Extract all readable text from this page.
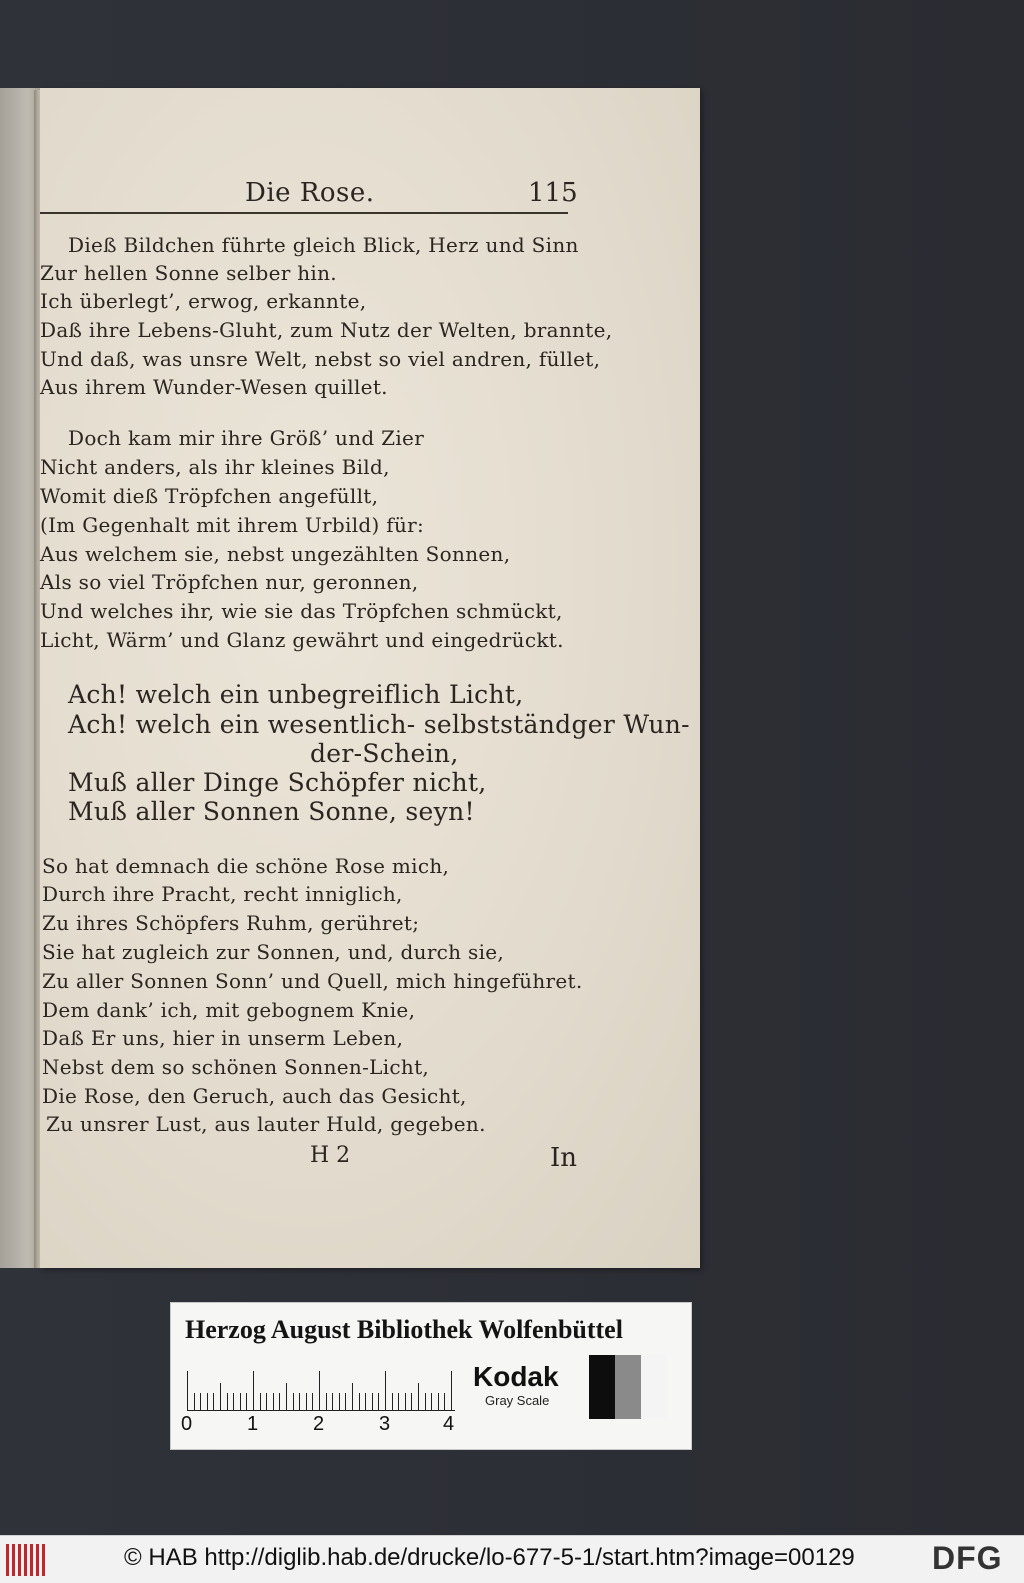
Die Rose.	115
Dieß Bildchen führte gleich Blick, Herz und Sinn
Zur hellen Sonne selber hin.
Ich überlegt’, erwog, erkannte,
Daß ihre Lebens-Gluht, zum Nutz der Welten, brannte,
Und daß, was unsre Welt, nebst so viel andren, füllet,
Aus ihrem Wunder-Wesen quillet.
Doch kam mir ihre Größ’ und Zier
Nicht anders, als ihr kleines Bild,
Womit dieß Tröpfchen angefüllt,
(Im Gegenhalt mit ihrem Urbild) für:
Aus welchem sie, nebst ungezählten Sonnen,
Als so viel Tröpfchen nur, geronnen,
Und welches ihr, wie sie das Tröpfchen schmückt,
Licht, Wärm’ und Glanz gewährt und eingedrückt.
Ach! welch ein unbegreiflich Licht,
Ach! welch ein wesentlich- selbstständger Wun-
der-Schein,
Muß aller Dinge Schöpfer nicht,
Muß aller Sonnen Sonne, seyn!
So hat demnach die schöne Rose mich,
Durch ihre Pracht, recht inniglich,
Zu ihres Schöpfers Ruhm, gerühret;
Sie hat zugleich zur Sonnen, und, durch sie,
Zu aller Sonnen Sonn’ und Quell, mich hingeführet.
Dem dank’ ich, mit gebognem Knie,
Daß Er uns, hier in unserm Leben,
Nebst dem so schönen Sonnen-Licht,
Die Rose, den Geruch, auch das Gesicht,
Zu unsrer Lust, aus lauter Huld, gegeben.
H 2	In
Herzog August Bibliothek Wolfenbüttel
0	1	2	3	4
Kodak
Gray Scale
© HAB http://diglib.hab.de/drucke/lo-677-5-1/start.htm?image=00129 DFG
